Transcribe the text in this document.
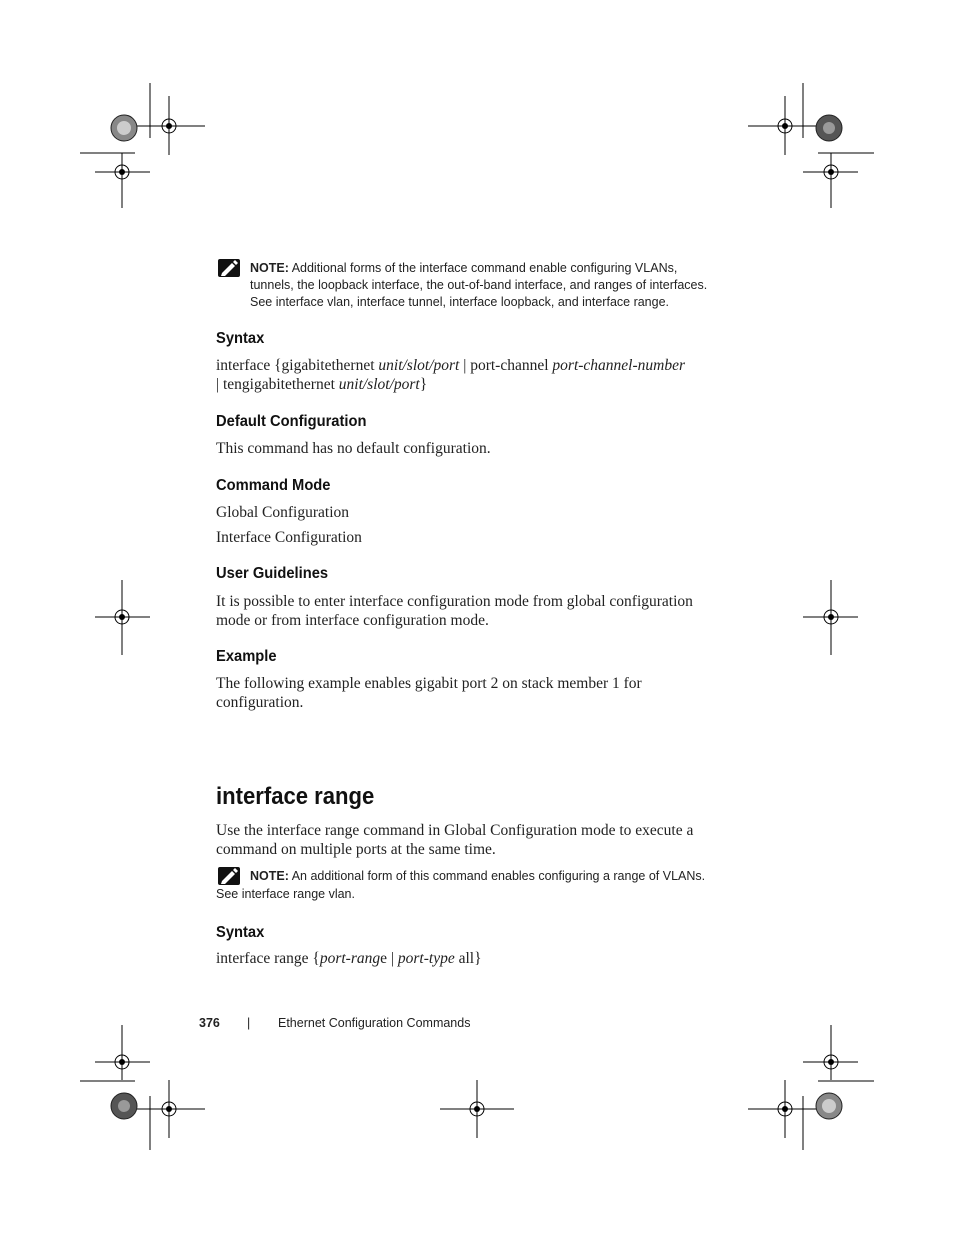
NOTE: Additional forms of the interface command enable configuring VLANs,
tunnels, the loopback interface, the out-of-band interface, and ranges of interfaces.
See interface vlan, interface tunnel, interface loopback, and interface range.
Syntax
interface {gigabitethernet unit/slot/port | port-channel port-channel-number
| tengigabitethernet unit/slot/port}
Default Configuration

This command has no default configuration.

Command Mode

Global Configuration

Interface Configuration

User Guidelines
It is possible to enter interface configuration mode from global configuration
mode or from interface configuration mode.
Example
The following example enables gigabit port 2 on stack member 1 for
configuration.
interface range
Use the interface range command in Global Configuration mode to execute a
command on multiple ports at the same time.
NOTE: An additional form of this command enables configuring a range of VLANs.
See interface range vlan.
Syntax
interface range {port-range | port-type all}
376 | Ethernet Configuration Commands
